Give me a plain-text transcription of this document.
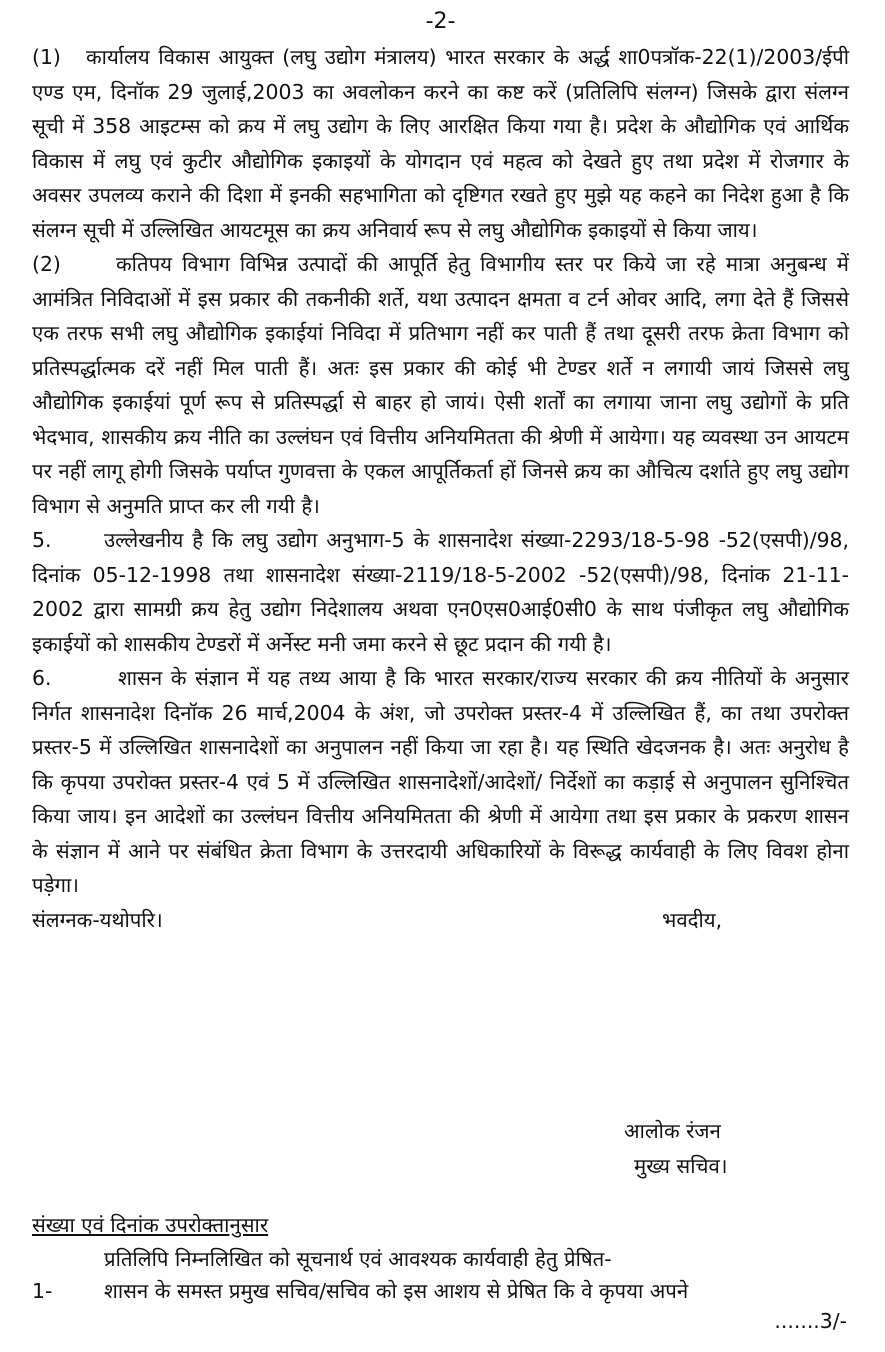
-2-

(1) कार्यालय विकास आयुक्त (लघु उद्योग मंत्रालय) भारत सरकार के अर्द्ध शा0पत्रॉक-22(1)/2003/ईपी एण्ड एम, दिनॉक 29 जुलाई,2003 का अवलोकन करने का कष्ट करें (प्रतिलिपि संलग्न) जिसके द्वारा संलग्न सूची में 358 आइटम्स को क्रय में लघु उद्योग के लिए आरक्षित किया गया है। प्रदेश के औद्योगिक एवं आर्थिक विकास में लघु एवं कुटीर औद्योगिक इकाइयों के योगदान एवं महत्व को देखते हुए तथा प्रदेश में रोजगार के अवसर उपलव्य कराने की दिशा में इनकी सहभागिता को दृष्टिगत रखते हुए मुझे यह कहने का निदेश हुआ है कि संलग्न सूची में उल्लिखित आयटमूस का क्रय अनिवार्य रूप से लघु औद्योगिक इकाइयों से किया जाय।

(2)	कतिपय विभाग विभिन्न उत्पादों की आपूर्ति हेतु विभागीय स्तर पर किये जा रहे मात्रा अनुबन्ध में आमंत्रित निविदाओं में इस प्रकार की तकनीकी शर्ते, यथा उत्पादन क्षमता व टर्न ओवर आदि, लगा देते हैं जिससे एक तरफ सभी लघु औद्योगिक इकाईयां निविदा में प्रतिभाग नहीं कर पाती हैं तथा दूसरी तरफ क्रेता विभाग को प्रतिस्पर्द्धात्मक दरें नहीं मिल पाती हैं। अतः इस प्रकार की कोई भी टेण्डर शर्ते न लगायी जायं जिससे लघु औद्योगिक इकाईयां पूर्ण रूप से प्रतिस्पर्द्धा से बाहर हो जायं। ऐसी शर्तों का लगाया जाना लघु उद्योगों के प्रति भेदभाव, शासकीय क्रय नीति का उल्लंघन एवं वित्तीय अनियमितता की श्रेणी में आयेगा। यह व्यवस्था उन आयटम पर नहीं लागू होगी जिसके पर्याप्त गुणवत्ता के एकल आपूर्तिकर्ता हों जिनसे क्रय का औचित्य दर्शाते हुए लघु उद्योग विभाग से अनुमति प्राप्त कर ली गयी है।

5.	उल्लेखनीय है कि लघु उद्योग अनुभाग-5 के शासनादेश संख्या-2293/18-5-98 -52(एसपी)/98, दिनांक 05-12-1998 तथा शासनादेश संख्या-2119/18-5-2002 -52(एसपी)/98, दिनांक 21-11-2002 द्वारा सामग्री क्रय हेतु उद्योग निदेशालय अथवा एन0एस0आई0सी0 के साथ पंजीकृत लघु औद्योगिक इकाईयों को शासकीय टेण्डरों में अर्नेस्ट मनी जमा करने से छूट प्रदान की गयी है।

6.	शासन के संज्ञान में यह तथ्य आया है कि भारत सरकार/राज्य सरकार की क्रय नीतियों के अनुसार निर्गत शासनादेश दिनॉक 26 मार्च,2004 के अंश, जो उपरोक्त प्रस्तर-4 में उल्लिखित हैं, का तथा उपरोक्त प्रस्तर-5 में उल्लिखित शासनादेशों का अनुपालन नहीं किया जा रहा है। यह स्थिति खेदजनक है। अतः अनुरोध है कि कृपया उपरोक्त प्रस्तर-4 एवं 5 में उल्लिखित शासनादेशों/आदेशों/ निर्देशों का कड़ाई से अनुपालन सुनिश्चित किया जाय। इन आदेशों का उल्लंघन वित्तीय अनियमितता की श्रेणी में आयेगा तथा इस प्रकार के प्रकरण शासन के संज्ञान में आने पर संबंधित क्रेता विभाग के उत्तरदायी अधिकारियों के विरूद्ध कार्यवाही के लिए विवश होना पड़ेगा।

संलग्नक-यथोपरि।	भवदीय,
आलोक रंजन
मुख्य सचिव।
संख्या एवं दिनांक उपरोक्तानुसार
प्रतिलिपि निम्नलिखित को सूचनार्थ एवं आवश्यक कार्यवाही हेतु प्रेषित-
1-	शासन के समस्त प्रमुख सचिव/सचिव को इस आशय से प्रेषित कि वे कृपया अपने
.......3/-
